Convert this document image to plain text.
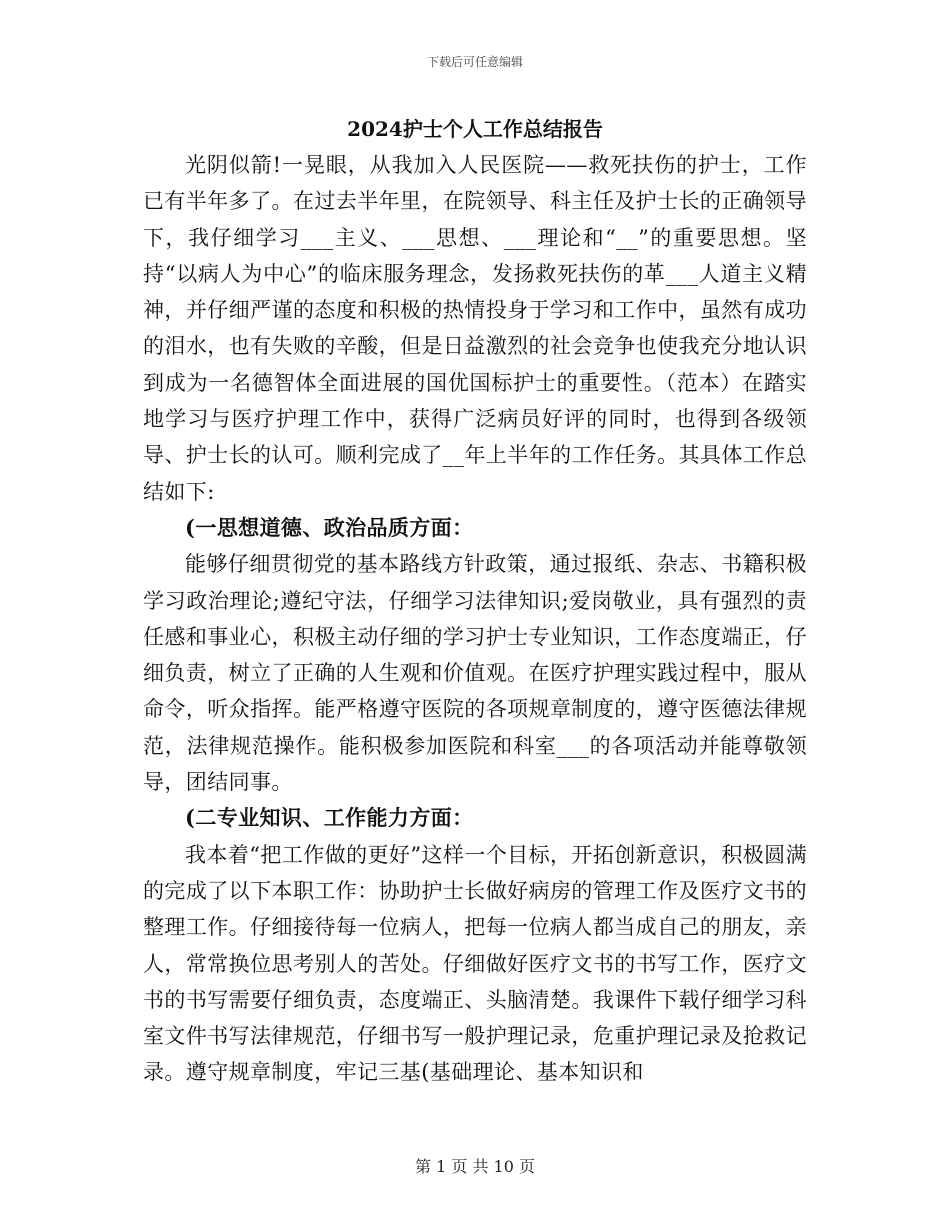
下载后可任意编辑
2024护士个人工作总结报告

光阴似箭!一晃眼，从我加入人民医院——救死扶伤的护士，工作已有半年多了。在过去半年里，在院领导、科主任及护士长的正确领导下，我仔细学习___主义、___思想、___理论和“__”的重要思想。坚持“以病人为中心”的临床服务理念，发扬救死扶伤的革___人道主义精神，并仔细严谨的态度和积极的热情投身于学习和工作中，虽然有成功的泪水，也有失败的辛酸，但是日益激烈的社会竞争也使我充分地认识到成为一名德智体全面进展的国优国标护士的重要性。（范本）在踏实地学习与医疗护理工作中，获得广泛病员好评的同时，也得到各级领导、护士长的认可。顺利完成了__年上半年的工作任务。其具体工作总结如下:

(一思想道德、政治品质方面：

能够仔细贯彻党的基本路线方针政策，通过报纸、杂志、书籍积极学习政治理论;遵纪守法，仔细学习法律知识;爱岗敬业，具有强烈的责任感和事业心，积极主动仔细的学习护士专业知识，工作态度端正，仔细负责，树立了正确的人生观和价值观。在医疗护理实践过程中，服从命令，听众指挥。能严格遵守医院的各项规章制度的，遵守医德法律规范，法律规范操作。能积极参加医院和科室___的各项活动并能尊敬领导，团结同事。

(二专业知识、工作能力方面：

我本着“把工作做的更好”这样一个目标，开拓创新意识，积极圆满的完成了以下本职工作：协助护士长做好病房的管理工作及医疗文书的整理工作。仔细接待每一位病人，把每一位病人都当成自己的朋友，亲人，常常换位思考别人的苦处。仔细做好医疗文书的书写工作，医疗文书的书写需要仔细负责，态度端正、头脑清楚。我课件下载仔细学习科室文件书写法律规范，仔细书写一般护理记录，危重护理记录及抢救记录。遵守规章制度，牢记三基(基础理论、基本知识和

第 1 页 共 10 页
